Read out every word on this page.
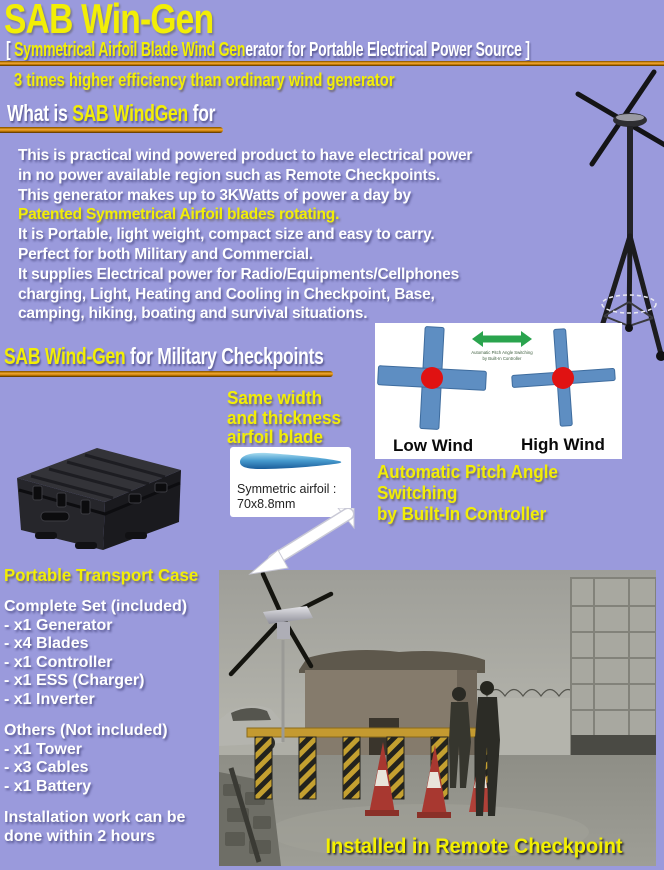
SAB Win-Gen
[ Symmetrical Airfoil Blade Wind Generator for Portable Electrical Power Source ]
3 times higher efficiency than ordinary wind generator
What is SAB WindGen for
This is practical wind powered product to have electrical power
in no power available region such as Remote Checkpoints.
This generator makes up to 3KWatts of power a day by
Patented Symmetrical Airfoil blades rotating.
It is Portable, light weight, compact size and easy to carry.
Perfect for both Military and Commercial.
It supplies Electrical power for Radio/Equipments/Cellphones
charging, Light, Heating and Cooling in Checkpoint, Base,
camping, hiking, boating and survival situations.
SAB Wind-Gen for Military Checkpoints	Automatic Pitch Angle Switching
by Built-In Controller
Low Wind	High Wind
Same width
and thickness
airfoil blade
Symmetric airfoil :
70x8.8mm
Automatic Pitch Angle Switching
by Built-In Controller
Portable Transport Case
Complete Set (included)
- x1 Generator
- x4 Blades
- x1 Controller
- x1 ESS (Charger)
- x1 Inverter
Others (Not included)
- x1 Tower
- x3 Cables
- x1 Battery
Installation work can be
done within 2 hours	Installed in Remote Checkpoint
